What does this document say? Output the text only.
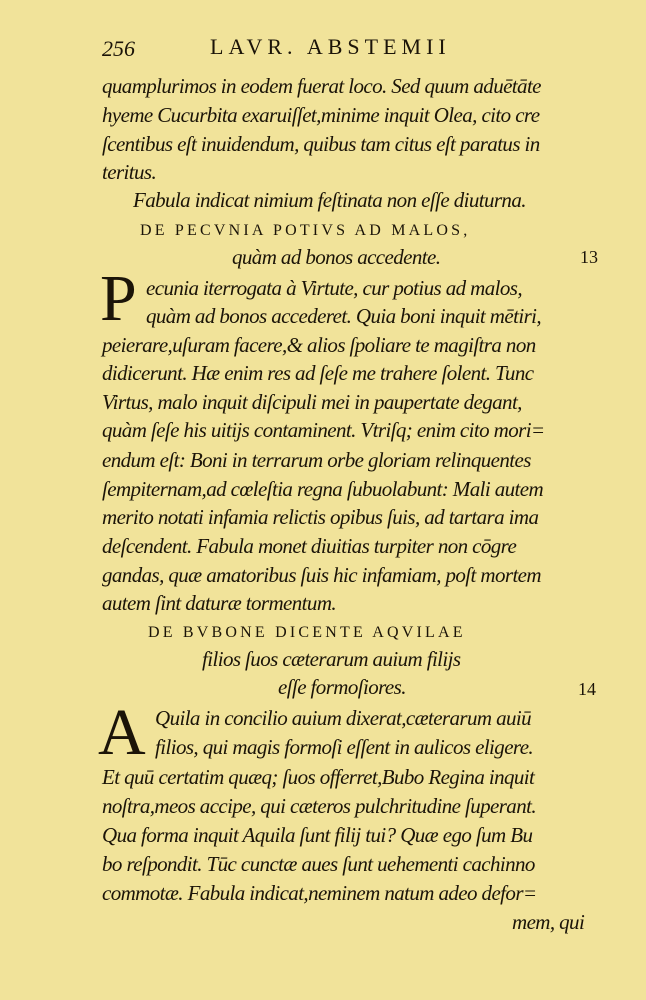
256	LAVR. ABSTEMII
quamplurimos in eodem fuerat loco. Sed quum aduētāte
hyeme Cucurbita exaruiſſet,minime inquit Olea, cito cre
ſcentibus eſt inuidendum, quibus tam citus eſt paratus in
teritus.
Fabula indicat nimium feſtinata non eſſe diuturna.
DE PECVNIA POTIVS AD MALOS,
quàm ad bonos accedente.	13
P ecunia iterrogata à Virtute, cur potius ad malos,
quàm ad bonos accederet. Quia boni inquit mētiri,
peierare,uſuram facere,& alios ſpoliare te magiſtra non
didicerunt. Hæ enim res ad ſeſe me trahere ſolent. Tunc
Virtus, malo inquit diſcipuli mei in paupertate degant,
quàm ſeſe his uitijs contaminent. Vtriſq; enim cito mori=
endum eſt: Boni in terrarum orbe gloriam relinquentes
ſempiternam,ad cœleſtia regna ſubuolabunt: Mali autem
merito notati infamia relictis opibus ſuis, ad tartara ima
deſcendent. Fabula monet diuitias turpiter non cōgre
gandas, quæ amatoribus ſuis hic infamiam, poſt mortem
autem ſint daturæ tormentum.
DE BVBONE DICENTE AQVILAE
filios ſuos cæterarum auium filijs
eſſe formoſiores.	14
A Quila in concilio auium dixerat,cæterarum auiū
filios, qui magis formoſi eſſent in aulicos eligere.
Et quū certatim quæq; ſuos offerret,Bubo Regina inquit
noſtra,meos accipe, qui cæteros pulchritudine ſuperant.
Qua forma inquit Aquila ſunt filij tui? Quæ ego ſum Bu
bo reſpondit. Tūc cunctæ aues ſunt uehementi cachinno
commotæ. Fabula indicat,neminem natum adeo defor=
mem, qui
